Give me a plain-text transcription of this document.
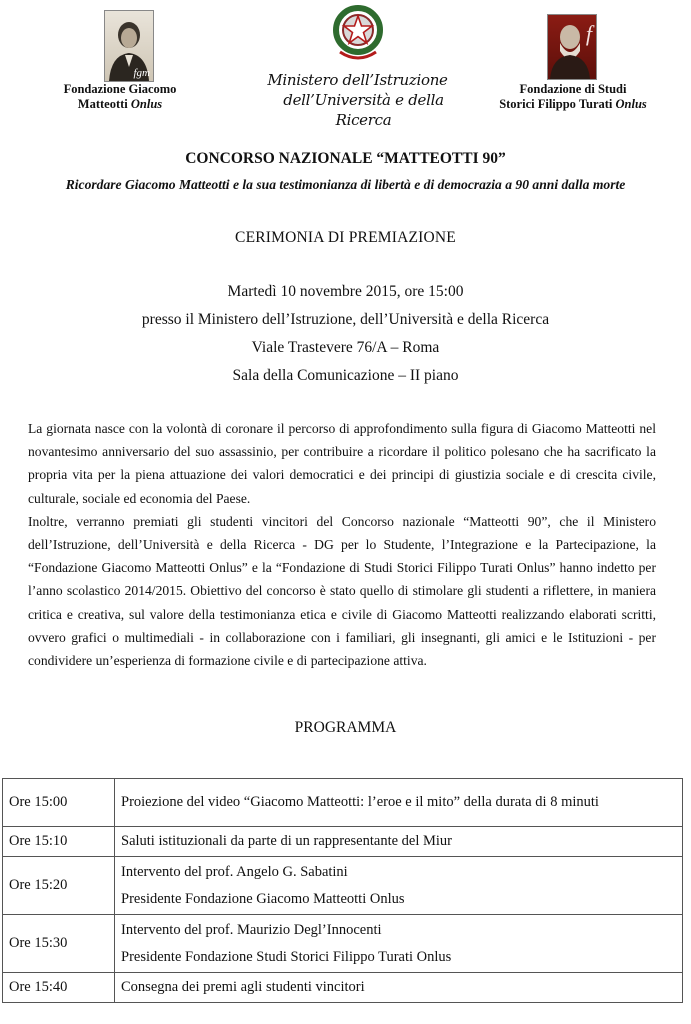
fgm
Fondazione Giacomo
Matteotti Onlus
Ministero dell’Istruzione
dell’Università e della Ricerca
f
Fondazione di Studi
Storici Filippo Turati Onlus
CONCORSO NAZIONALE “MATTEOTTI 90”
Ricordare Giacomo Matteotti e la sua testimonianza di libertà e di democrazia a 90 anni dalla morte
CERIMONIA DI PREMIAZIONE
Martedì 10 novembre 2015, ore 15:00
presso il Ministero dell’Istruzione, dell’Università e della Ricerca
Viale Trastevere 76/A – Roma
Sala della Comunicazione – II piano

La giornata nasce con la volontà di coronare il percorso di approfondimento sulla figura di Giacomo Matteotti nel novantesimo anniversario del suo assassinio, per contribuire a ricordare il politico polesano che ha sacrificato la propria vita per la piena attuazione dei valori democratici e dei principi di giustizia sociale e di crescita civile, culturale, sociale ed economia del Paese.

Inoltre, verranno premiati gli studenti vincitori del Concorso nazionale “Matteotti 90”, che il Ministero dell’Istruzione, dell’Università e della Ricerca - DG per lo Studente, l’Integrazione e la Partecipazione, la “Fondazione Giacomo Matteotti Onlus” e la “Fondazione di Studi Storici Filippo Turati Onlus” hanno indetto per l’anno scolastico 2014/2015. Obiettivo del concorso è stato quello di stimolare gli studenti a riflettere, in maniera critica e creativa, sul valore della testimonianza etica e civile di Giacomo Matteotti realizzando elaborati scritti, ovvero grafici o multimediali - in collaborazione con i familiari, gli insegnanti, gli amici e le Istituzioni - per condividere un’esperienza di formazione civile e di partecipazione attiva.

PROGRAMMA
Ore 15:00	Proiezione del video “Giacomo Matteotti: l’eroe e il mito” della durata di 8 minuti

Ore 15:10	Saluti istituzionali da parte di un rappresentante del Miur

Ore 15:20	Intervento del prof. Angelo G. Sabatini
Presidente Fondazione Giacomo Matteotti Onlus

Ore 15:30	Intervento del prof. Maurizio Degl’Innocenti
Presidente Fondazione Studi Storici Filippo Turati Onlus

Ore 15:40	Consegna dei premi agli studenti vincitori
